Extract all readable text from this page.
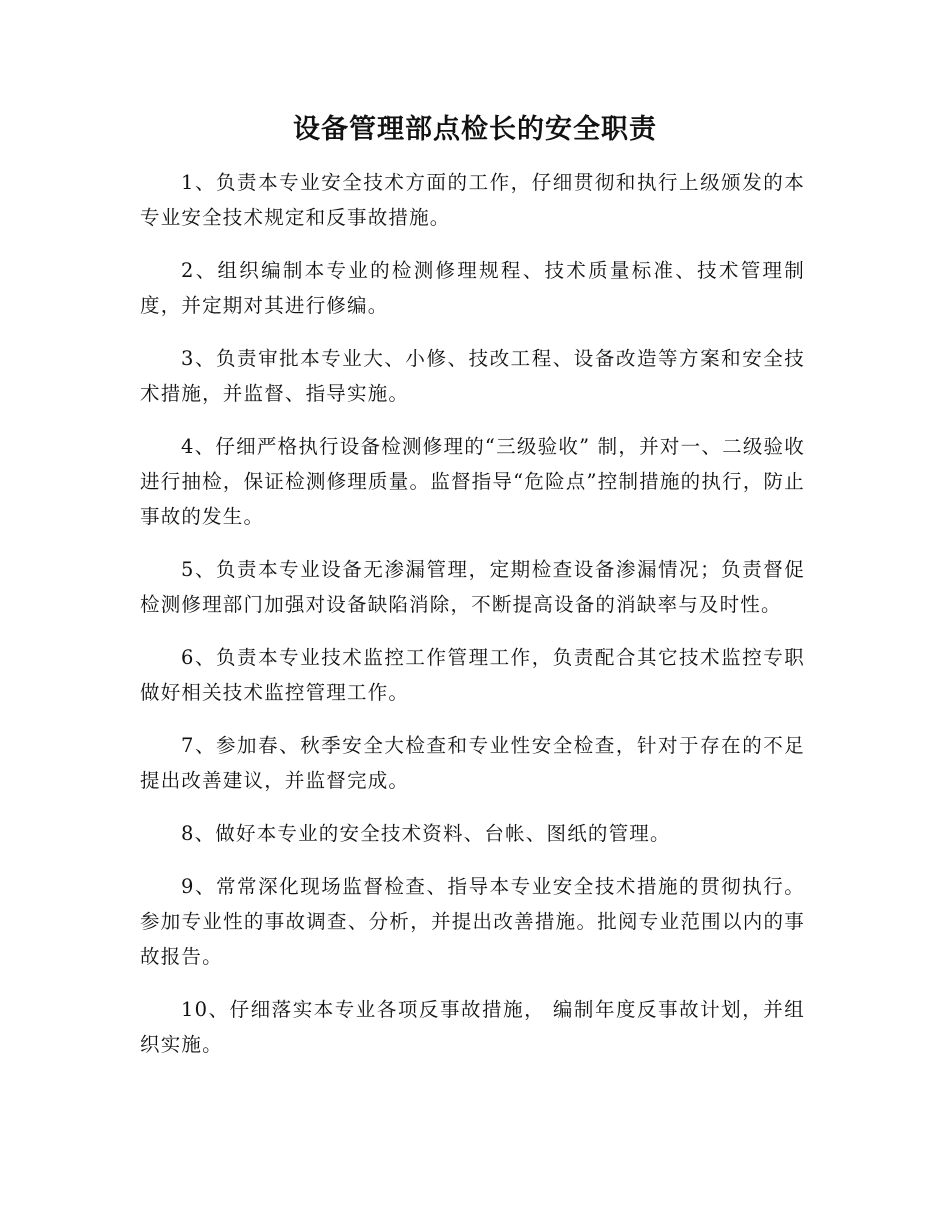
设备管理部点检长的安全职责

1、负责本专业安全技术方面的工作，仔细贯彻和执行上级颁发的本专业安全技术规定和反事故措施。

2、组织编制本专业的检测修理规程、技术质量标准、技术管理制度，并定期对其进行修编。

3、负责审批本专业大、小修、技改工程、设备改造等方案和安全技术措施，并监督、指导实施。

4、仔细严格执行设备检测修理的“三级验收” 制，并对一、二级验收进行抽检，保证检测修理质量。监督指导“危险点”控制措施的执行，防止事故的发生。

5、负责本专业设备无渗漏管理，定期检查设备渗漏情况；负责督促检测修理部门加强对设备缺陷消除，不断提高设备的消缺率与及时性。

6、负责本专业技术监控工作管理工作，负责配合其它技术监控专职做好相关技术监控管理工作。

7、参加春、秋季安全大检查和专业性安全检查，针对于存在的不足提出改善建议，并监督完成。

8、做好本专业的安全技术资料、台帐、图纸的管理。

9、常常深化现场监督检查、指导本专业安全技术措施的贯彻执行。参加专业性的事故调查、分析，并提出改善措施。批阅专业范围以内的事故报告。

10、仔细落实本专业各项反事故措施， 编制年度反事故计划，并组织实施。
